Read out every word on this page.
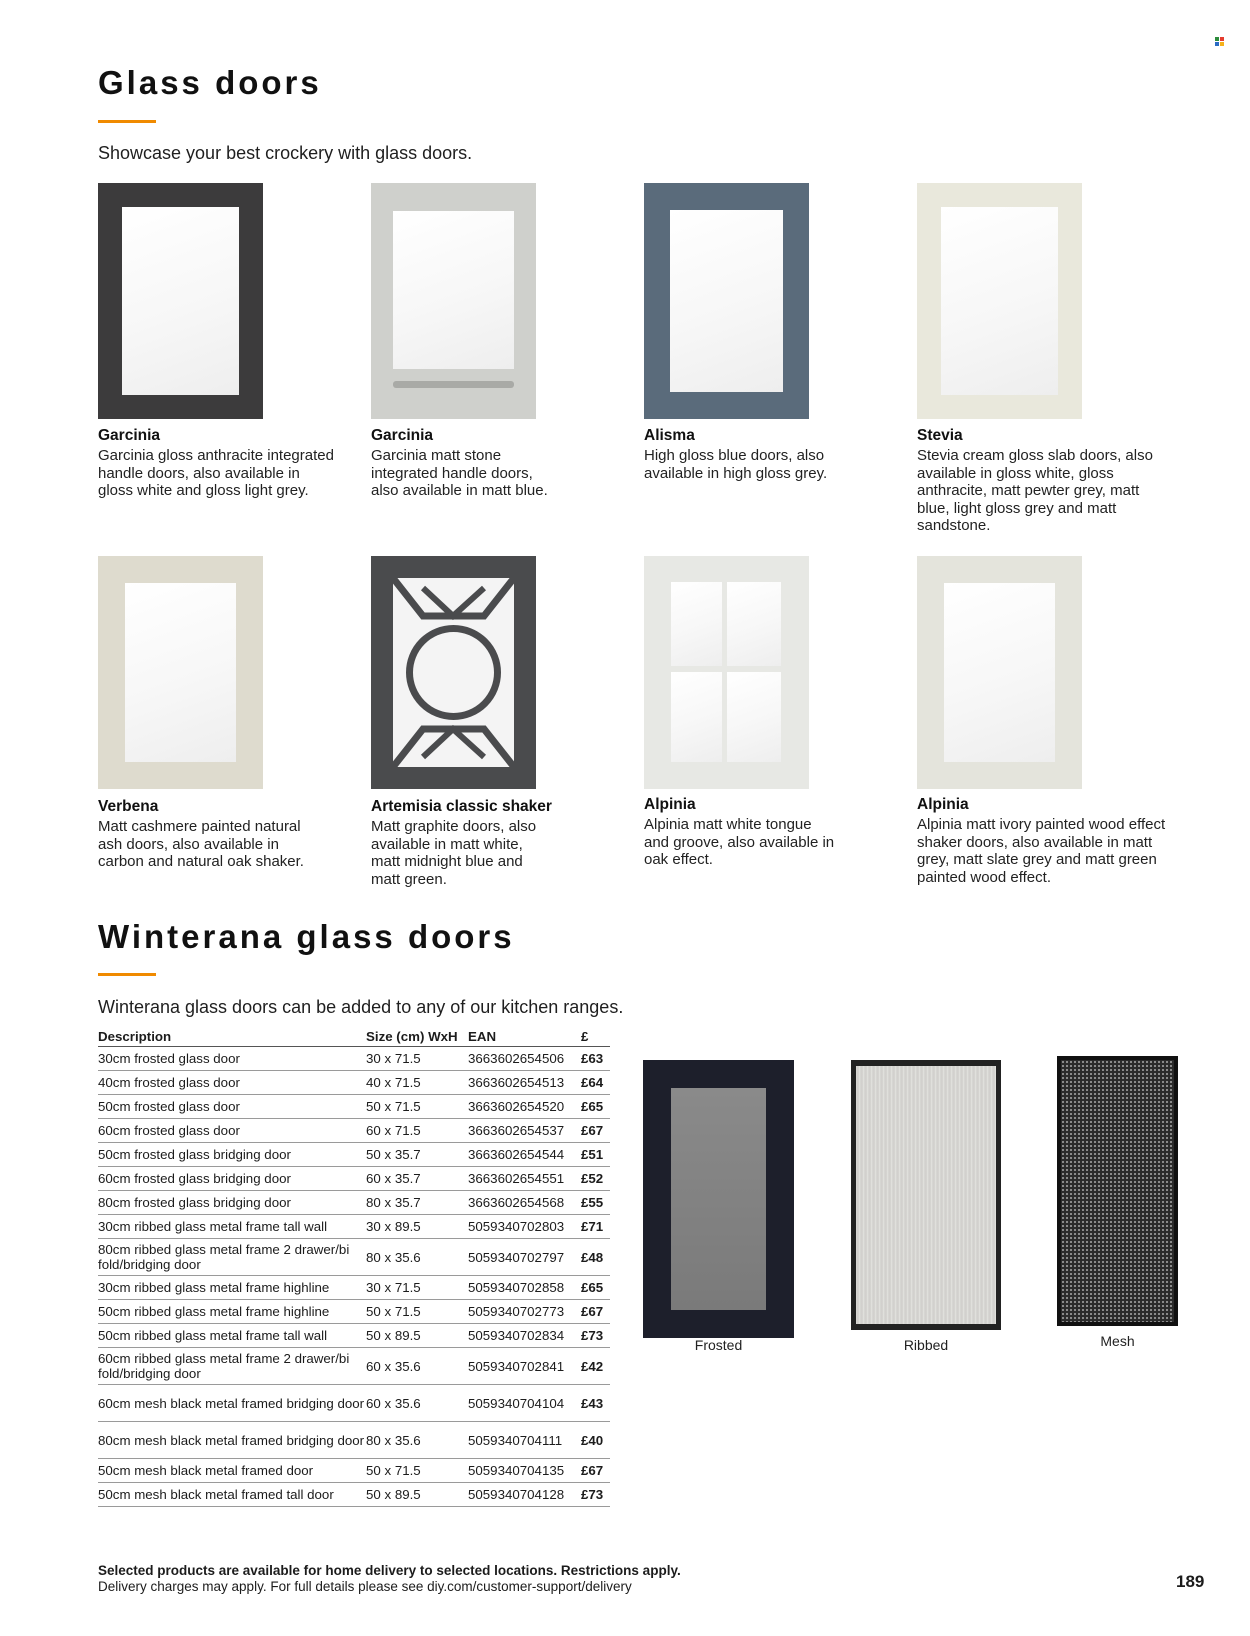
Glass doors
Showcase your best crockery with glass doors.
Garcinia
Garcinia gloss anthracite integrated handle doors, also available in gloss white and gloss light grey.
Garcinia
Garcinia matt stone integrated handle doors, also available in matt blue.
Alisma
High gloss blue doors, also available in high gloss grey.
Stevia
Stevia cream gloss slab doors, also available in gloss white, gloss anthracite, matt pewter grey, matt blue, light gloss grey and matt sandstone.
Verbena
Matt cashmere painted natural ash doors, also available in carbon and natural oak shaker.
Artemisia classic shaker
Matt graphite doors, also available in matt white, matt midnight blue and matt green.
Alpinia
Alpinia matt white tongue and groove, also available in oak effect.
Alpinia
Alpinia matt ivory painted wood effect shaker doors, also available in matt grey, matt slate grey and matt green painted wood effect.
Winterana glass doors
Winterana glass doors can be added to any of our kitchen ranges.
Description	Size (cm) WxH	EAN	£
30cm frosted glass door	30 x 71.5	3663602654506	£63
40cm frosted glass door	40 x 71.5	3663602654513	£64
50cm frosted glass door	50 x 71.5	3663602654520	£65
60cm frosted glass door	60 x 71.5	3663602654537	£67
50cm frosted glass bridging door	50 x 35.7	3663602654544	£51
60cm frosted glass bridging door	60 x 35.7	3663602654551	£52
80cm frosted glass bridging door	80 x 35.7	3663602654568	£55
30cm ribbed glass metal frame tall wall	30 x 89.5	5059340702803	£71
80cm ribbed glass metal frame 2 drawer/bi fold/bridging door	80 x 35.6	5059340702797	£48
30cm ribbed glass metal frame highline	30 x 71.5	5059340702858	£65
50cm ribbed glass metal frame highline	50 x 71.5	5059340702773	£67
50cm ribbed glass metal frame tall wall	50 x 89.5	5059340702834	£73
60cm ribbed glass metal frame 2 drawer/bi fold/bridging door	60 x 35.6	5059340702841	£42
60cm mesh black metal framed bridging door	60 x 35.6	5059340704104	£43
80cm mesh black metal framed bridging door	80 x 35.6	5059340704111	£40
50cm mesh black metal framed door	50 x 71.5	5059340704135	£67
50cm mesh black metal framed tall door	50 x 89.5	5059340704128	£73
Frosted	Ribbed	Mesh
Selected products are available for home delivery to selected locations. Restrictions apply.
Delivery charges may apply. For full details please see diy.com/customer-support/delivery	189
